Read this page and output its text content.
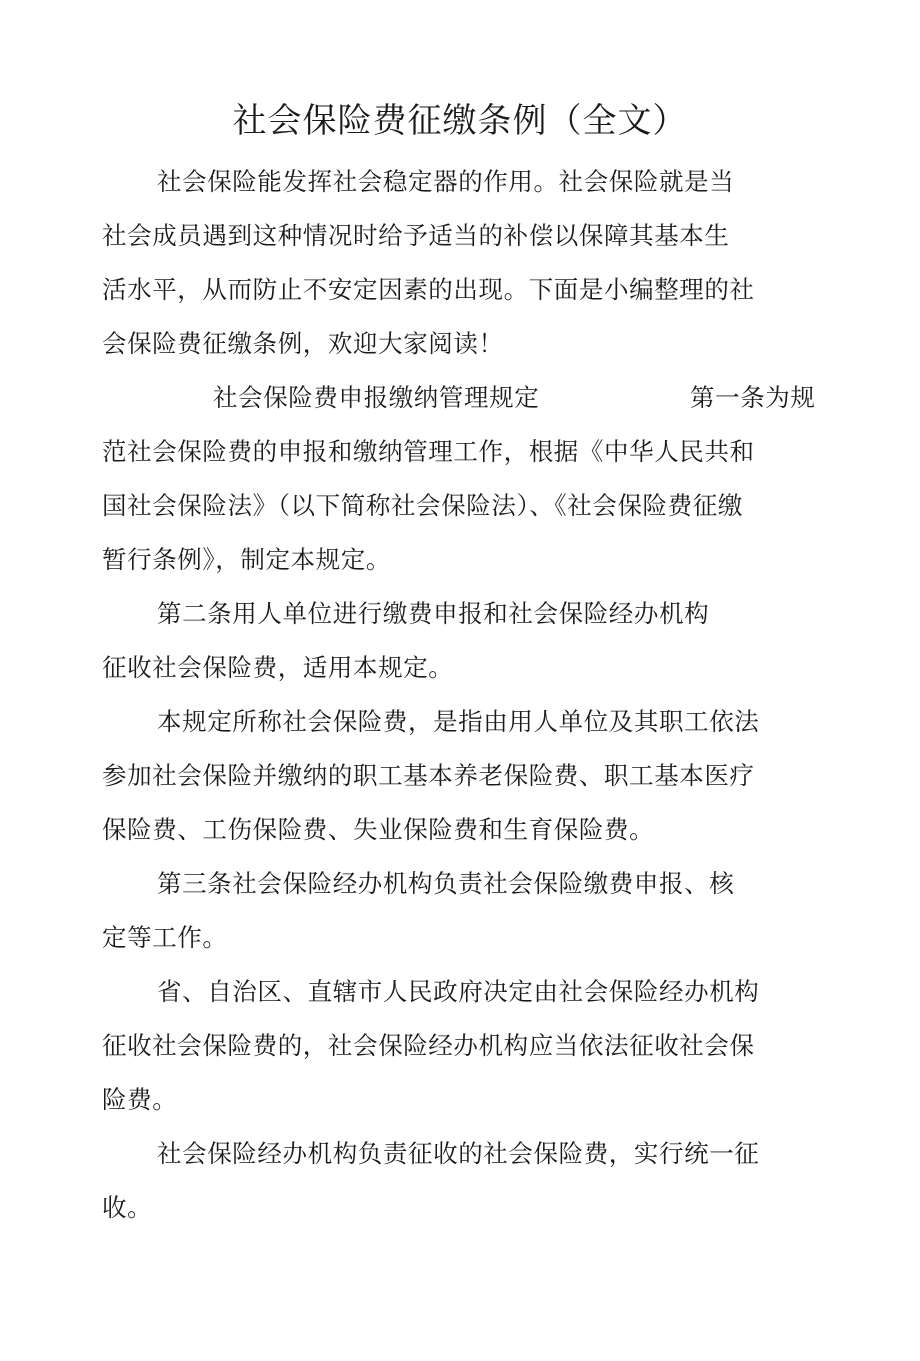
社会保险费征缴条例（全文）
社会保险能发挥社会稳定器的作用。社会保险就是当
社会成员遇到这种情况时给予适当的补偿以保障其基本生
活水平，从而防止不安定因素的出现。下面是小编整理的社
会保险费征缴条例，欢迎大家阅读！
社会保险费申报缴纳管理规定	第一条为规
范社会保险费的申报和缴纳管理工作，根据《中华人民共和
国社会保险法》（以下简称社会保险法）、《社会保险费征缴
暂行条例》，制定本规定。
第二条用人单位进行缴费申报和社会保险经办机构
征收社会保险费，适用本规定。
本规定所称社会保险费，是指由用人单位及其职工依法
参加社会保险并缴纳的职工基本养老保险费、职工基本医疗
保险费、工伤保险费、失业保险费和生育保险费。
第三条社会保险经办机构负责社会保险缴费申报、核
定等工作。
省、自治区、直辖市人民政府决定由社会保险经办机构
征收社会保险费的，社会保险经办机构应当依法征收社会保
险费。
社会保险经办机构负责征收的社会保险费，实行统一征
收。
